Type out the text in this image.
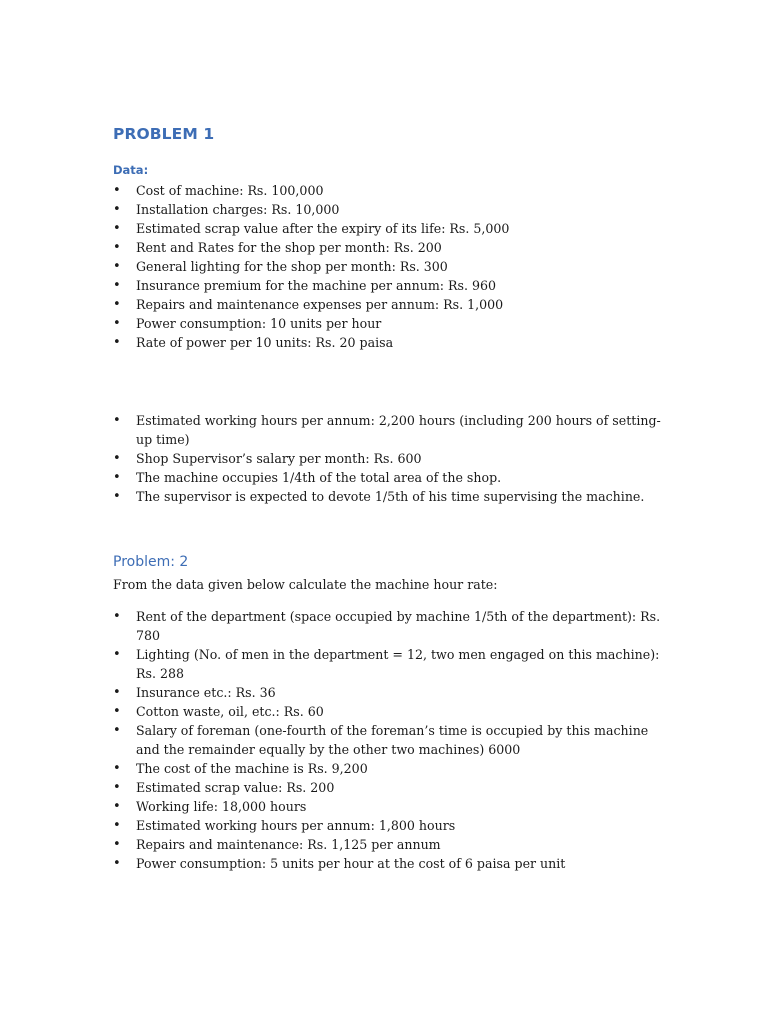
PROBLEM 1

Data:

• Cost of machine: Rs. 100,000
• Installation charges: Rs. 10,000
• Estimated scrap value after the expiry of its life: Rs. 5,000
• Rent and Rates for the shop per month: Rs. 200
• General lighting for the shop per month: Rs. 300
• Insurance premium for the machine per annum: Rs. 960
• Repairs and maintenance expenses per annum: Rs. 1,000
• Power consumption: 10 units per hour
• Rate of power per 10 units: Rs. 20 paisa
• Estimated working hours per annum: 2,200 hours (including 200 hours of setting-up time)
• Shop Supervisor’s salary per month: Rs. 600
• The machine occupies 1/4th of the total area of the shop.
• The supervisor is expected to devote 1/5th of his time supervising the machine.
Problem: 2

From the data given below calculate the machine hour rate:

• Rent of the department (space occupied by machine 1/5th of the department): Rs. 780
• Lighting (No. of men in the department = 12, two men engaged on this machine): Rs. 288
• Insurance etc.: Rs. 36
• Cotton waste, oil, etc.: Rs. 60
• Salary of foreman (one-fourth of the foreman’s time is occupied by this machine and the remainder equally by the other two machines) 6000
• The cost of the machine is Rs. 9,200
• Estimated scrap value: Rs. 200
• Working life: 18,000 hours
• Estimated working hours per annum: 1,800 hours
• Repairs and maintenance: Rs. 1,125 per annum
• Power consumption: 5 units per hour at the cost of 6 paisa per unit
